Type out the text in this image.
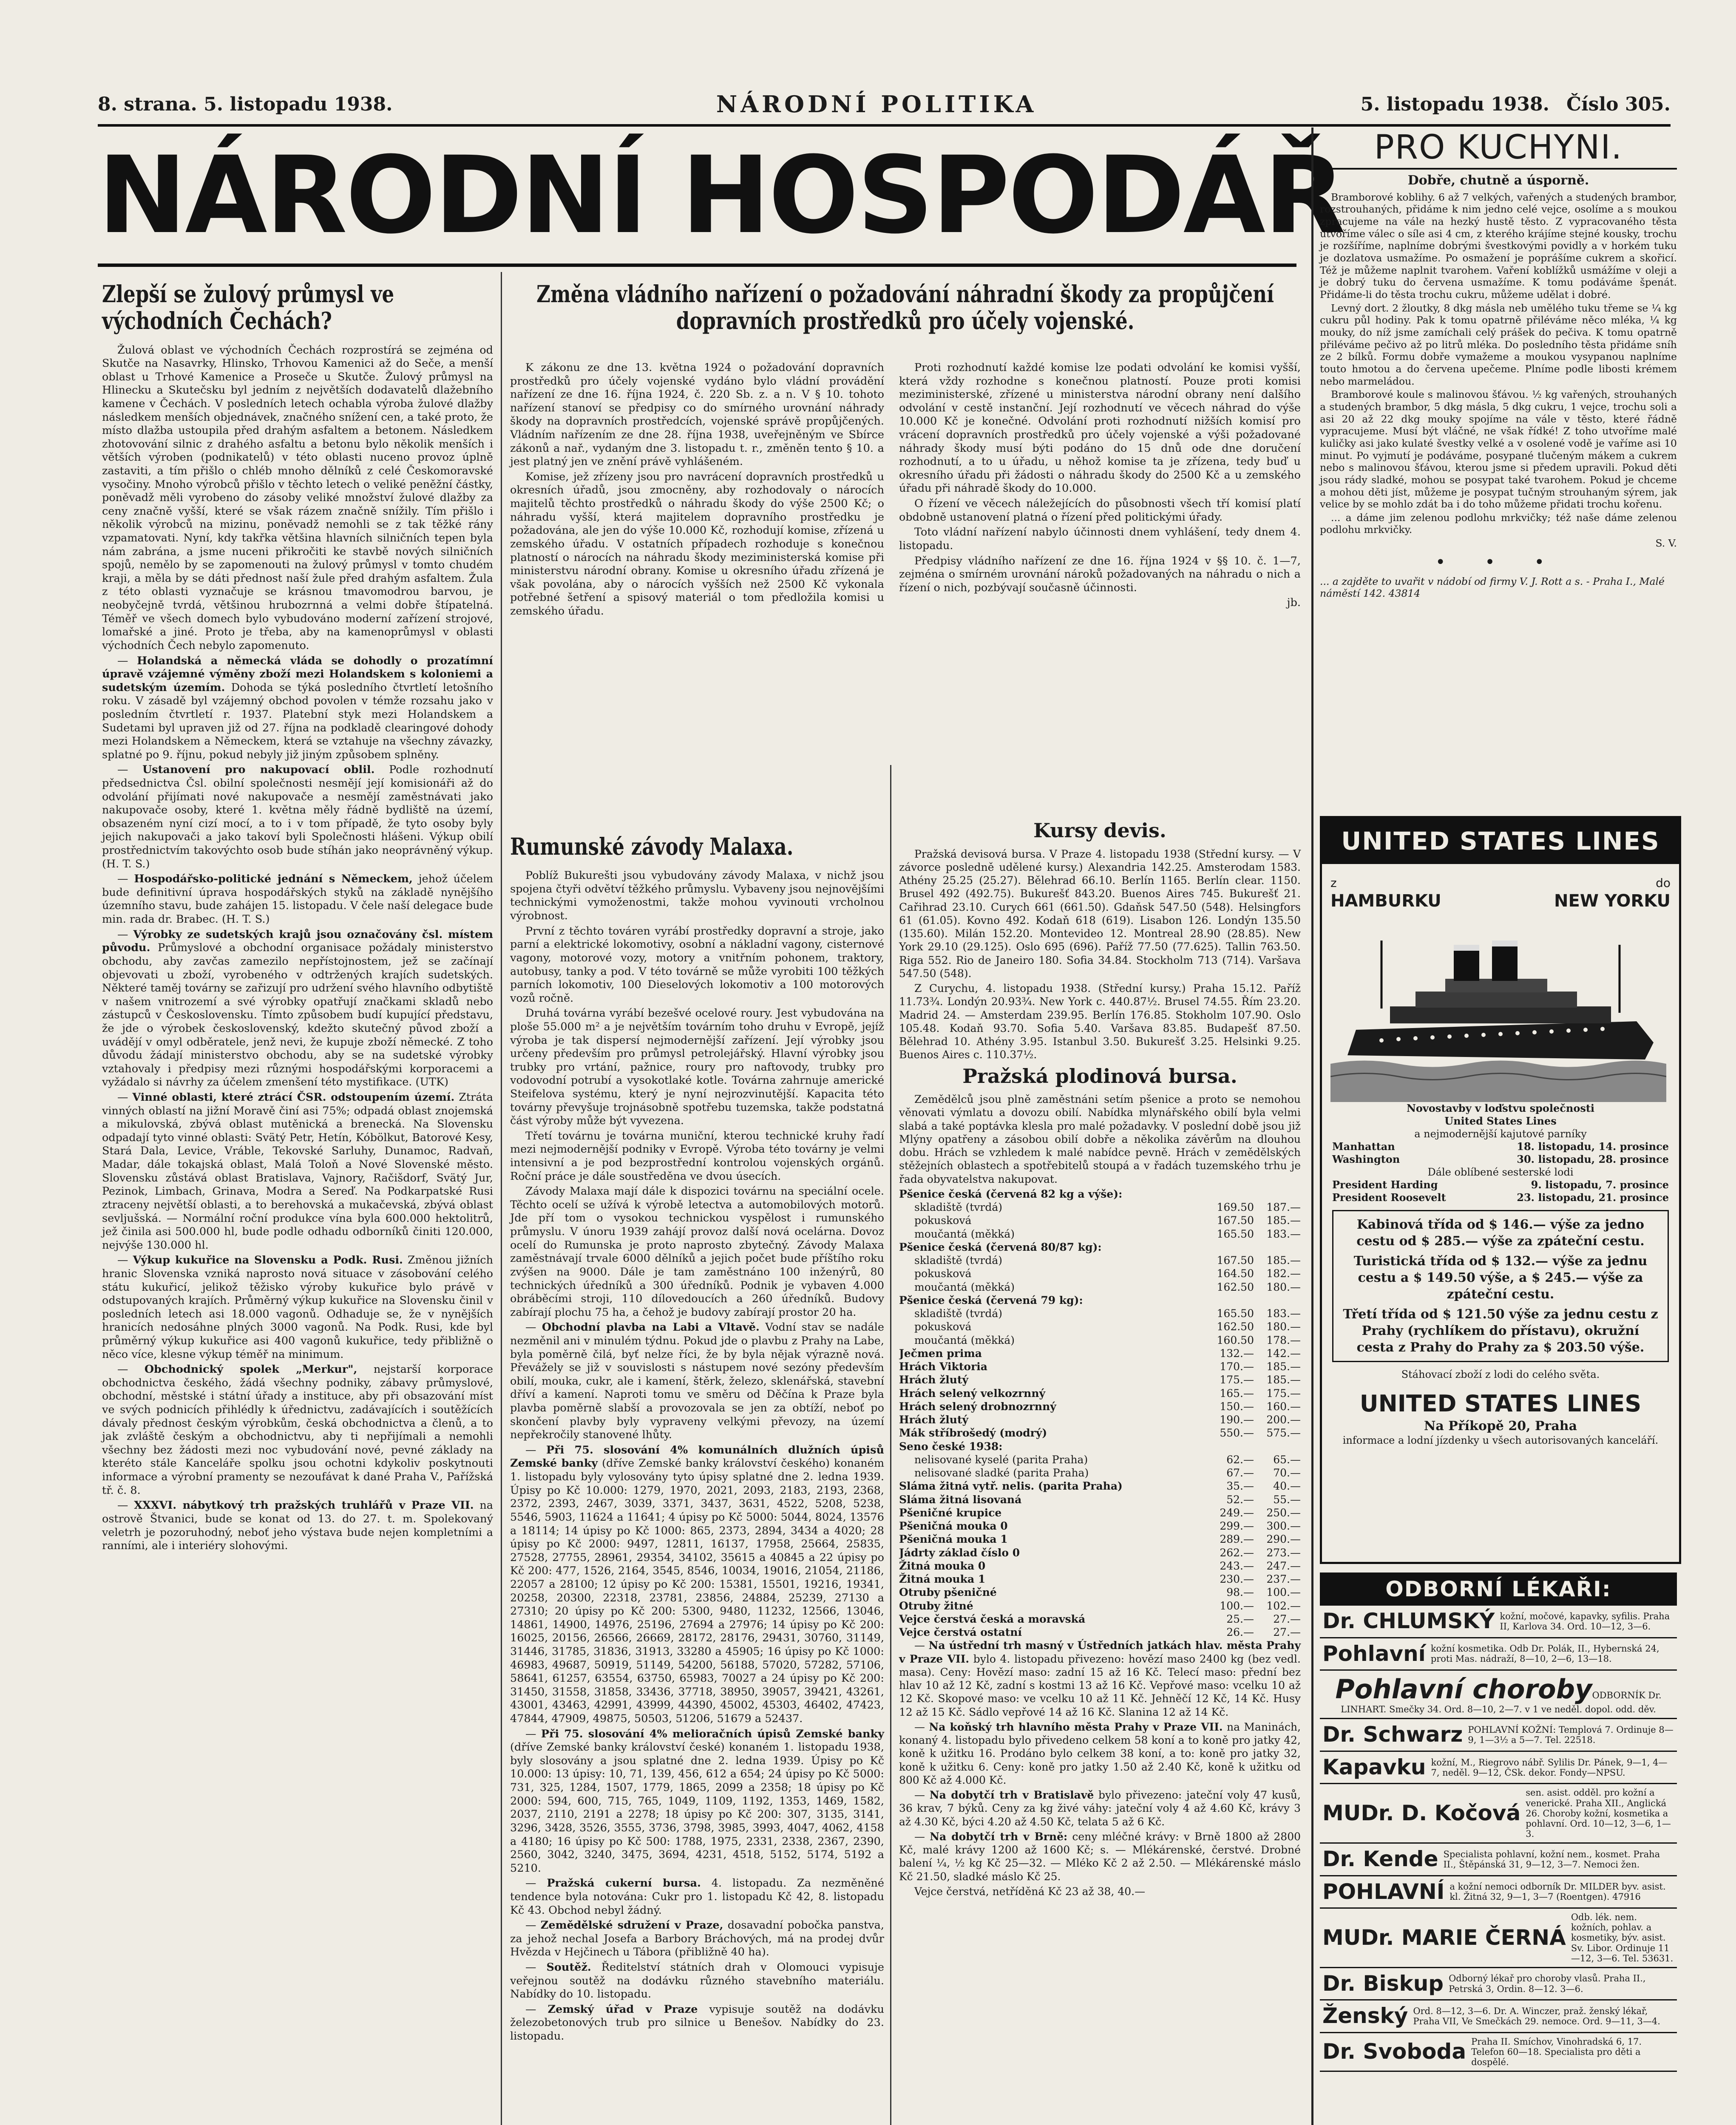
8. strana. 5. listopadu 1938.	NÁRODNÍ POLITIKA	5. listopadu 1938. Číslo 305.
NÁRODNÍ HOSPODÁŘ
Zlepší se žulový průmysl ve východních Čechách?

Žulová oblast ve východních Čechách rozprostírá se zejména od Skutče na Nasavrky, Hlinsko, Trhovou Kamenici až do Seče, a menší oblast u Trhové Kamenice a Proseče u Skutče. Žulový průmysl na Hlinecku a Skutečsku byl jedním z největších dodavatelů dlažebního kamene v Čechách. V posledních letech ochabla výroba žulové dlažby následkem menších objednávek, značného snížení cen, a také proto, že místo dlažba ustoupila před drahým asfaltem a betonem. Následkem zhotovování silnic z drahého asfaltu a betonu bylo několik menších i větších výroben (podnikatelů) v této oblasti nuceno provoz úplně zastaviti, a tím přišlo o chléb mnoho dělníků z celé Českomoravské vysočiny. Mnoho výrobců přišlo v těchto letech o veliké peněžní částky, poněvadž měli vyrobeno do zásoby veliké množství žulové dlažby za ceny značně vyšší, které se však rázem značně snížily. Tím přišlo i několik výrobců na mizinu, poněvadž nemohli se z tak těžké rány vzpamatovati. Nyní, kdy takřka většina hlavních silničních tepen byla nám zabrána, a jsme nuceni přikročiti ke stavbě nových silničních spojů, nemělo by se zapomenouti na žulový průmysl v tomto chudém kraji, a měla by se dáti přednost naší žule před drahým asfaltem. Žula z této oblasti vyznačuje se krásnou tmavomodrou barvou, je neobyčejně tvrdá, většinou hrubozrnná a velmi dobře štípatelná. Téměř ve všech domech bylo vybudováno moderní zařízení strojové, lomařské a jiné. Proto je třeba, aby na kamenoprůmysl v oblasti východních Čech nebylo zapomenuto.

— Holandská a německá vláda se dohodly o prozatímní úpravě vzájemné výměny zboží mezi Holandskem s koloniemi a sudetským územím. Dohoda se týká posledního čtvrtletí letošního roku. V zásadě byl vzájemný obchod povolen v témže rozsahu jako v posledním čtvrtletí r. 1937. Platební styk mezi Holandskem a Sudetami byl upraven již od 27. října na podkladě clearingové dohody mezi Holandskem a Německem, která se vztahuje na všechny závazky, splatné po 9. říjnu, pokud nebyly již jiným způsobem splněny.

— Ustanovení pro nakupovací oblil. Podle rozhodnutí předsednictva Čsl. obilní společnosti nesmějí její komisionáři až do odvolání přijímati nové nakupovače a nesmějí zaměstnávati jako nakupovače osoby, které 1. května měly řádně bydliště na území, obsazeném nyní cizí mocí, a to i v tom případě, že tyto osoby byly jejich nakupovači a jako takoví byli Společnosti hlášeni. Výkup obilí prostřednictvím takovýchto osob bude stíhán jako neoprávněný výkup. (H. T. S.)

— Hospodářsko-politické jednání s Německem, jehož účelem bude definitivní úprava hospodářských styků na základě nynějšího územního stavu, bude zahájen 15. listopadu. V čele naší delegace bude min. rada dr. Brabec. (H. T. S.)

— Výrobky ze sudetských krajů jsou označovány čsl. místem původu. Průmyslové a obchodní organisace požádaly ministerstvo obchodu, aby zavčas zamezilo nepřístojnostem, jež se začínají objevovati u zboží, vyrobeného v odtržených krajích sudetských. Některé taměj továrny se zařizují pro udržení svého hlavního odbytiště v našem vnitrozemí a své výrobky opatřují značkami skladů nebo zástupců v Československu. Tímto způsobem budí kupující představu, že jde o výrobek československý, kdežto skutečný původ zboží a uvádějí v omyl odběratele, jenž nevi, že kupuje zboží německé. Z toho důvodu žádají ministerstvo obchodu, aby se na sudetské výrobky vztahovaly i předpisy mezi různými hospodářskými korporacemi a vyžádalo si návrhy za účelem zmenšení této mystifikace. (UTK)

— Vinné oblasti, které ztrácí ČSR. odstoupením území. Ztráta vinných oblastí na jižní Moravě činí asi 75%; odpadá oblast znojemská a mikulovská, zbývá oblast mutěnická a brenecká. Na Slovensku odpadají tyto vinné oblasti: Svätý Petr, Hetín, Kóbölkut, Batorové Kesy, Stará Dala, Levice, Vráble, Tekovské Sarluhy, Dunamoc, Radvaň, Madar, dále tokajská oblast, Malá Toloň a Nové Slovenské město. Slovensku zůstává oblast Bratislava, Vajnory, Račišdorf, Svätý Jur, Pezinok, Limbach, Grinava, Modra a Sereď. Na Podkarpatské Rusi ztraceny největší oblasti, a to berehovská a mukačevská, zbývá oblast sevljušská. — Normální roční produkce vína byla 600.000 hektolitrů, jež činila asi 500.000 hl, bude podle odhadu odborníků činiti 120.000, nejvýše 130.000 hl.

— Výkup kukuřice na Slovensku a Podk. Rusi. Změnou jižních hranic Slovenska vzniká naprosto nová situace v zásobování celého státu kukuřicí, jelikož těžisko výroby kukuřice bylo právě v odstupovaných krajích. Průměrný výkup kukuřice na Slovensku činil v posledních letech asi 18.000 vagonů. Odhaduje se, že v nynějších hranicích nedosáhne plných 3000 vagonů. Na Podk. Rusi, kde byl průměrný výkup kukuřice asi 400 vagonů kukuřice, tedy přibližně o něco více, klesne výkup téměř na minimum.

— Obchodnický spolek „Merkur", nejstarší korporace obchodnictva českého, žádá všechny podniky, zábavy průmyslové, obchodní, městské i státní úřady a instituce, aby při obsazování míst ve svých podnicích přihlédly k úřednictvu, zadávajících i soutěžících dávaly přednost českým výrobkům, česká obchodnictva a členů, a to jak zvláště českým a obchodnictvu, aby ti nepřijímali a nemohli všechny bez žádosti mezi noc vybudování nové, pevné základy na kteréto stále Kanceláře spolku jsou ochotni kdykoliv poskytnouti informace a výrobní pramenty se nezoufávat k dané Praha V., Pařížská tř. č. 8.

— XXXVI. nábytkový trh pražských truhlářů v Praze VII. na ostrově Štvanici, bude se konat od 13. do 27. t. m. Spolekovaný veletrh je pozoruhodný, neboť jeho výstava bude nejen kompletními a ranními, ale i interiéry slohovými.

Změna vládního nařízení o požadování náhradní škody za propůjčení dopravních prostředků pro účely vojenské.

K zákonu ze dne 13. května 1924 o požadování dopravních prostředků pro účely vojenské vydáno bylo vládní provádění nařízení ze dne 16. října 1924, č. 220 Sb. z. a n. V § 10. tohoto nařízení stanoví se předpisy co do smírného urovnání náhrady škody na dopravních prostředcích, vojenské správě propůjčených. Vládním nařízením ze dne 28. října 1938, uveřejněným ve Sbírce zákonů a nař., vydaným dne 3. listopadu t. r., změněn tento § 10. a jest platný jen ve znění právě vyhlášeném.

Komise, jež zřízeny jsou pro navrácení dopravních prostředků u okresních úřadů, jsou zmocněny, aby rozhodovaly o nárocích majitelů těchto prostředků o náhradu škody do výše 2500 Kč; o náhradu vyšší, která majitelem dopravního prostředku je požadována, ale jen do výše 10.000 Kč, rozhodují komise, zřízená u zemského úřadu. V ostatních případech rozhoduje s konečnou platností o nárocích na náhradu škody meziministerská komise při ministerstvu národní obrany. Komise u okresního úřadu zřízená je však povolána, aby o nárocích vyšších než 2500 Kč vykonala potřebné šetření a spisový materiál o tom předložila komisi u zemského úřadu.

Proti rozhodnutí každé komise lze podati odvolání ke komisi vyšší, která vždy rozhodne s konečnou platností. Pouze proti komisi meziministerské, zřízené u ministerstva národní obrany není dalšího odvolání v cestě instanční. Její rozhodnutí ve věcech náhrad do výše 10.000 Kč je konečné. Odvolání proti rozhodnutí nižších komisí pro vrácení dopravních prostředků pro účely vojenské a výši požadované náhrady škody musí býti podáno do 15 dnů ode dne doručení rozhodnutí, a to u úřadu, u něhož komise ta je zřízena, tedy buď u okresního úřadu při žádosti o náhradu škody do 2500 Kč a u zemského úřadu při náhradě škody do 10.000.

O řízení ve věcech náležejících do působnosti všech tří komisí platí obdobně ustanovení platná o řízení před politickými úřady.

Toto vládní nařízení nabylo účinnosti dnem vyhlášení, tedy dnem 4. listopadu.

Předpisy vládního nařízení ze dne 16. října 1924 v §§ 10. č. 1—7, zejména o smírném urovnání nároků požadovaných na náhradu o nich a řízení o nich, pozbývají současně účinnosti.

jb.

Rumunské závody Malaxa.

Poblíž Bukurešti jsou vybudovány závody Malaxa, v nichž jsou spojena čtyři odvětví těžkého průmyslu. Vybaveny jsou nejnovějšími technickými vymoženostmi, takže mohou vyvinouti vrcholnou výrobnost.

První z těchto továren vyrábí prostředky dopravní a stroje, jako parní a elektrické lokomotivy, osobní a nákladní vagony, cisternové vagony, motorové vozy, motory a vnitřním pohonem, traktory, autobusy, tanky a pod. V této továrně se může vyrobiti 100 těžkých parních lokomotiv, 100 Dieselových lokomotiv a 100 motorových vozů ročně.

Druhá továrna vyrábí bezešvé ocelové roury. Jest vybudována na ploše 55.000 m² a je největším továrním toho druhu v Evropě, jejíž výroba je tak dispersí nejmodernější zařízení. Její výrobky jsou určeny především pro průmysl petrolejářský. Hlavní výrobky jsou trubky pro vrtání, pažnice, roury pro naftovody, trubky pro vodovodní potrubí a vysokotlaké kotle. Továrna zahrnuje americké Steifelova systému, který je nyní nejrozvinutější. Kapacita této továrny převyšuje trojnásobně spotřebu tuzemska, takže podstatná část výroby může být vyvezena.

Třetí továrnu je továrna muniční, kterou technické kruhy řadí mezi nejmodernější podniky v Evropě. Výroba této továrny je velmi intensivní a je pod bezprostřední kontrolou vojenských orgánů. Roční práce je dále soustředěna ve dvou úsecích.

Závody Malaxa mají dále k dispozici továrnu na speciální ocele. Těchto ocelí se užívá k výrobě letectva a automobilových motorů. Jde pří tom o vysokou technickou vyspělost i rumunského průmyslu. V únoru 1939 zahájí provoz další nová ocelárna. Dovoz ocelí do Rumunska je proto naprosto zbytečný. Závody Malaxa zaměstnávají trvale 6000 dělníků a jejich počet bude příštího roku zvýšen na 9000. Dále je tam zaměstnáno 100 inženýrů, 80 technických úředníků a 300 úředníků. Podnik je vybaven 4.000 obráběcími stroji, 110 dílovedoucích a 260 úředníků. Budovy zabírají plochu 75 ha, a čehož je budovy zabírají prostor 20 ha.

— Obchodní plavba na Labi a Vltavě. Vodní stav se nadále nezměnil ani v minulém týdnu. Pokud jde o plavbu z Prahy na Labe, byla poměrně čilá, byť nelze říci, že by byla nějak výrazně nová. Převážely se již v souvislosti s nástupem nové sezóny především obilí, mouka, cukr, ale i kamení, štěrk, železo, sklenářská, stavební dříví a kamení. Naproti tomu ve směru od Děčína k Praze byla plavba poměrně slabší a provozovala se jen za obtíží, neboť po skončení plavby byly vypraveny velkými převozy, na území nepřekročily stanovené lhůty.

— Při 75. slosování 4% komunálních dlužních úpisů Zemské banky (dříve Zemské banky království českého) konaném 1. listopadu byly vylosovány tyto úpisy splatné dne 2. ledna 1939. Úpisy po Kč 10.000: 1279, 1970, 2021, 2093, 2183, 2193, 2368, 2372, 2393, 2467, 3039, 3371, 3437, 3631, 4522, 5208, 5238, 5546, 5903, 11624 a 11641; 4 úpisy po Kč 5000: 5044, 8024, 13576 a 18114; 14 úpisy po Kč 1000: 865, 2373, 2894, 3434 a 4020; 28 úpisy po Kč 2000: 9497, 12811, 16137, 17958, 25664, 25835, 27528, 27755, 28961, 29354, 34102, 35615 a 40845 a 22 úpisy po Kč 200: 477, 1526, 2164, 3545, 8546, 10034, 19016, 21054, 21186, 22057 a 28100; 12 úpisy po Kč 200: 15381, 15501, 19216, 19341, 20258, 20300, 22318, 23781, 23856, 24884, 25239, 27130 a 27310; 20 úpisy po Kč 200: 5300, 9480, 11232, 12566, 13046, 14861, 14900, 14976, 25196, 27694 a 27976; 14 úpisy po Kč 200: 16025, 20156, 26566, 26669, 28172, 28176, 29431, 30760, 31149, 31446, 31785, 31836, 31913, 33280 a 45905; 16 úpisy po Kč 1000: 46983, 49687, 50919, 51149, 54200, 56188, 57020, 57282, 57106, 58641, 61257, 63554, 63750, 65983, 70027 a 24 úpisy po Kč 200: 31450, 31558, 31858, 33436, 37718, 38950, 39057, 39421, 43261, 43001, 43463, 42991, 43999, 44390, 45002, 45303, 46402, 47423, 47844, 47909, 49875, 50503, 51206, 51679 a 52437.

— Při 75. slosování 4% melioračních úpisů Zemské banky (dříve Zemské banky království české) konaném 1. listopadu 1938, byly slosovány a jsou splatné dne 2. ledna 1939. Úpisy po Kč 10.000: 13 úpisy: 10, 71, 139, 456, 612 a 654; 24 úpisy po Kč 5000: 731, 325, 1284, 1507, 1779, 1865, 2099 a 2358; 18 úpisy po Kč 2000: 594, 600, 715, 765, 1049, 1109, 1192, 1353, 1469, 1582, 2037, 2110, 2191 a 2278; 18 úpisy po Kč 200: 307, 3135, 3141, 3296, 3428, 3526, 3555, 3736, 3798, 3985, 3993, 4047, 4062, 4158 a 4180; 16 úpisy po Kč 500: 1788, 1975, 2331, 2338, 2367, 2390, 2560, 3042, 3240, 3475, 3694, 4231, 4518, 5152, 5174, 5192 a 5210.

— Pražská cukerní bursa. 4. listopadu. Za nezměněné tendence byla notována: Cukr pro 1. listopadu Kč 42, 8. listopadu Kč 43. Obchod nebyl žádný.

— Zemědělské sdružení v Praze, dosavadní pobočka panstva, za jehož nechal Josefa a Barbory Bráchových, má na prodej dvůr Hvězda v Hejčinech u Tábora (přibližně 40 ha).

— Soutěž. Ředitelství státních drah v Olomouci vypisuje veřejnou soutěž na dodávku různého stavebního materiálu. Nabídky do 10. listopadu.

— Zemský úřad v Praze vypisuje soutěž na dodávku železobetonových trub pro silnice u Benešov. Nabídky do 23. listopadu.

Kursy devis.

Pražská devisová bursa. V Praze 4. listopadu 1938 (Střední kursy. — V závorce posledně udělené kursy.) Alexandria 142.25. Amsterodam 1583. Athény 25.25 (25.27). Bělehrad 66.10. Berlín 1165. Berlín clear. 1150. Brusel 492 (492.75). Bukurešť 843.20. Buenos Aires 745. Bukurešť 21. Cařihrad 23.10. Curych 661 (661.50). Gdaňsk 547.50 (548). Helsingfors 61 (61.05). Kovno 492. Kodaň 618 (619). Lisabon 126. Londýn 135.50 (135.60). Milán 152.20. Montevideo 12. Montreal 28.90 (28.85). New York 29.10 (29.125). Oslo 695 (696). Paříž 77.50 (77.625). Tallin 763.50. Riga 552. Rio de Janeiro 180. Sofia 34.84. Stockholm 713 (714). Varšava 547.50 (548).

Z Curychu, 4. listopadu 1938. (Střední kursy.) Praha 15.12. Paříž 11.73¾. Londýn 20.93¾. New York c. 440.87½. Brusel 74.55. Řím 23.20. Madrid 24. — Amsterdam 239.95. Berlín 176.85. Stokholm 107.90. Oslo 105.48. Kodaň 93.70. Sofia 5.40. Varšava 83.85. Budapešť 87.50. Bělehrad 10. Athény 3.95. Istanbul 3.50. Bukurešť 3.25. Helsinki 9.25. Buenos Aires c. 110.37½.

Pražská plodinová bursa.

Zemědělců jsou plně zaměstnáni setím pšenice a proto se nemohou věnovati výmlatu a dovozu obilí. Nabídka mlynářského obilí byla velmi slabá a také poptávka klesla pro malé požadavky. V poslední době jsou již Mlýny opatřeny a zásobou obilí dobře a několika závěrům na dlouhou dobu. Hrách se vzhledem k malé nabídce pevně. Hrách v zemědělských stěžejních oblastech a spotřebitelů stoupá a v řadách tuzemského trhu je řada obyvatelstva nakupovat.

Pšenice česká (červená 82 kg a výše):
skladiště (tvrdá)	169.50	187.—
pokusková	167.50	185.—
moučantá (měkká)	165.50	183.—
Pšenice česká (červená 80/87 kg):
skladiště (tvrdá)	167.50	185.—
pokusková	164.50	182.—
moučantá (měkká)	162.50	180.—
Pšenice česká (červená 79 kg):
skladiště (tvrdá)	165.50	183.—
pokusková	162.50	180.—
moučantá (měkká)	160.50	178.—
Ječmen prima	132.—	142.—
Hrách Viktoria	170.—	185.—
Hrách žlutý	175.—	185.—
Hrách selený velkozrnný	165.—	175.—
Hrách selený drobnozrnný	150.—	160.—
Hrách žlutý	190.—	200.—
Mák stříbrošedý (modrý)	550.—	575.—
Seno české 1938:
nelisované kyselé (parita Praha)	62.—	65.—
nelisované sladké (parita Praha)	67.—	70.—
Sláma žitná vytř. nelis. (parita Praha)	35.—	40.—
Sláma žitná lisovaná	52.—	55.—
Pšeničné krupice	249.—	250.—
Pšeničná mouka 0	299.—	300.—
Pšeničná mouka 1	289.—	290.—
Jádrty základ číslo 0	262.—	273.—
Žitná mouka 0	243.—	247.—
Žitná mouka 1	230.—	237.—
Otruby pšeničné	98.—	100.—
Otruby žitné	100.—	102.—
Vejce čerstvá česká a moravská	25.—	27.—
Vejce čerstvá ostatní	26.—	27.—

— Na ústřední trh masný v Ústředních jatkách hlav. města Prahy v Praze VII. bylo 4. listopadu přivezeno: hovězí maso 2400 kg (bez vedl. masa). Ceny: Hovězí maso: zadní 15 až 16 Kč. Telecí maso: přední bez hlav 10 až 12 Kč, zadní s kostmi 13 až 16 Kč. Vepřové maso: vcelku 10 až 12 Kč. Skopové maso: ve vcelku 10 až 11 Kč. Jehněčí 12 Kč, 14 Kč. Husy 12 až 15 Kč. Sádlo vepřové 14 až 16 Kč. Slanina 12 až 14 Kč.

— Na koňský trh hlavního města Prahy v Praze VII. na Maninách, konaný 4. listopadu bylo přivedeno celkem 58 koní a to koně pro jatky 42, koně k užitku 16. Prodáno bylo celkem 38 koní, a to: koně pro jatky 32, koně k užitku 6. Ceny: koně pro jatky 1.50 až 2.40 Kč, koně k užitku od 800 Kč až 4.000 Kč.

— Na dobytčí trh v Bratislavě bylo přivezeno: jateční voly 47 kusů, 36 krav, 7 býků. Ceny za kg živé váhy: jateční voly 4 až 4.60 Kč, krávy 3 až 4.30 Kč, býci 4.20 až 4.50 Kč, telata 5 až 6 Kč.

— Na dobytčí trh v Brně: ceny mléčné krávy: v Brně 1800 až 2800 Kč, malé krávy 1200 až 1600 Kč; s. — Mlékárenské, čerstvé. Drobné balení ¼, ½ kg Kč 25—32. — Mléko Kč 2 až 2.50. — Mlékárenské máslo Kč 21.50, sladké máslo Kč 25.

Vejce čerstvá, netříděná Kč 23 až 38, 40.—

PRO KUCHYNI.
Dobře, chutně a úsporně.

Bramborové koblihy. 6 až 7 velkých, vařených a studených brambor, rozstrouhaných, přidáme k nim jedno celé vejce, osolíme a s moukou zpracujeme na vále na hezký hustě těsto. Z vypracovaného těsta utvoříme válec o síle asi 4 cm, z kterého krájíme stejné kousky, trochu je rozšíříme, naplníme dobrými švestkovými povidly a v horkém tuku je dozlatova usmažíme. Po osmažení je poprášíme cukrem a skořicí. Též je můžeme naplnit tvarohem. Vaření koblížků usmážíme v oleji a je dobrý tuku do červena usmažíme. K tomu podáváme špenát. Přidáme-li do těsta trochu cukru, můžeme udělat i dobré.

Levný dort. 2 žloutky, 8 dkg másla neb umělého tuku třeme se ¼ kg cukru půl hodiny. Pak k tomu opatrně přiléváme něco mléka, ¼ kg mouky, do níž jsme zamíchali celý prášek do pečiva. K tomu opatrně přiléváme pečivo až po litrů mléka. Do posledního těsta přidáme sníh ze 2 bílků. Formu dobře vymažeme a moukou vysypanou naplníme touto hmotou a do červena upečeme. Plníme podle libosti krémem nebo marmeládou.

Bramborové koule s malinovou šťávou. ½ kg vařených, strouhaných a studených brambor, 5 dkg másla, 5 dkg cukru, 1 vejce, trochu soli a asi 20 až 22 dkg mouky spojíme na vále v těsto, které řádně vypracujeme. Musí být vláčné, ne však řídké! Z toho utvoříme malé kuličky asi jako kulaté švestky velké a v osolené vodě je vaříme asi 10 minut. Po vyjmutí je podáváme, posypané tlučeným mákem a cukrem nebo s malinovou šťávou, kterou jsme si předem upravili. Pokud děti jsou rády sladké, mohou se posypat také tvarohem. Pokud je chceme a mohou děti jíst, můžeme je posypat tučným strouhaným sýrem, jak velice by se mohlo zdát ba i do toho můžeme přidati trochu kořenu.

... a dáme jim zelenou podlohu mrkvičky; též naše dáme zelenou podlohu mrkvičky.

S. V.

• • •
... a zajděte to uvařit v nádobí od firmy V. J. Rott a s. - Praha I., Malé náměstí 142. 43814
UNITED STATES LINES
z
HAMBURKU
do
NEW YORKU
Novostavby v loďstvu společnosti
United States Lines
a nejmodernější kajutové parníky
Manhattan	18. listopadu, 14. prosince
Washington	30. listopadu, 28. prosince
Dále oblíbené sesterské lodi
President Harding	9. listopadu, 7. prosince
President Roosevelt	23. listopadu, 21. prosince
Kabinová třída od $ 146.— výše za jedno cestu od $ 285.— výše za zpáteční cestu.
Turistická třída od $ 132.— výše za jednu cestu a $ 149.50 výše, a $ 245.— výše za zpáteční cestu.
Třetí třída od $ 121.50 výše za jednu cestu z Prahy (rychlíkem do přístavu), okružní cesta z Prahy do Prahy za $ 203.50 výše.
Stáhovací zboží z lodi do celého světa.
UNITED STATES LINES
Na Příkopě 20, Praha
informace a lodní jízdenky u všech autorisovaných kanceláří.
ODBORNÍ LÉKAŘI:
Dr. CHLUMSKÝ kožní, močové, kapavky, syfilis. Praha II, Karlova 34. Ord. 10—12, 3—6.
Pohlavní kožní kosmetika. Odb Dr. Polák, II., Hybernská 24, proti Mas. nádraží, 8—10, 2—6, 13—18.
Pohlavní chorobyODBORNÍK Dr. LINHART. Smečky 34. Ord. 8—10, 2—7. v 1 ve neděl. dopol. odd. děv.
Dr. Schwarz POHLAVNÍ KOŽNÍ: Templová 7. Ordinuje 8—9, 1—3½ a 5—7. Tel. 22518.
Kapavku kožní, M., Riegrovo nábř. Sylilis Dr. Pánek, 9—1, 4—7, neděl. 9—12, ČSk. dekor. Fondy—NPSU.
MUDr. D. Kočová
sen. asist. odděl. pro kožní a venerické. Praha XII., Anglická 26. Choroby kožní, kosmetika a pohlavní. Ord. 10—12, 3—6, 1—3.
Dr. Kende Specialista pohlavní, kožní nem., kosmet. Praha II., Štěpánská 31, 9—12, 3—7. Nemoci žen.
POHLAVNÍ a kožní nemoci odborník Dr. MILDER byv. asist. kl. Žitná 32, 9—1, 3—7 (Roentgen). 47916
MUDr. MARIE ČERNÁ
Odb. lék. nem. kožních, pohlav. a kosmetiky, býv. asist. Sv. Libor. Ordinuje 11—12, 3—6. Tel. 53631.
Dr. Biskup Odborný lékař pro choroby vlasů. Praha II., Petrská 3, Ordin. 8—12. 3—6.
Ženský Ord. 8—12, 3—6. Dr. A. Winczer, praž. ženský lékař, Praha VII, Ve Smečkách 29. nemoce. Ord. 9—11, 3—4.
Dr. Svoboda Praha II. Smíchov, Vinohradská 6, 17. Telefon 60—18. Specialista pro děti a dospělé.
